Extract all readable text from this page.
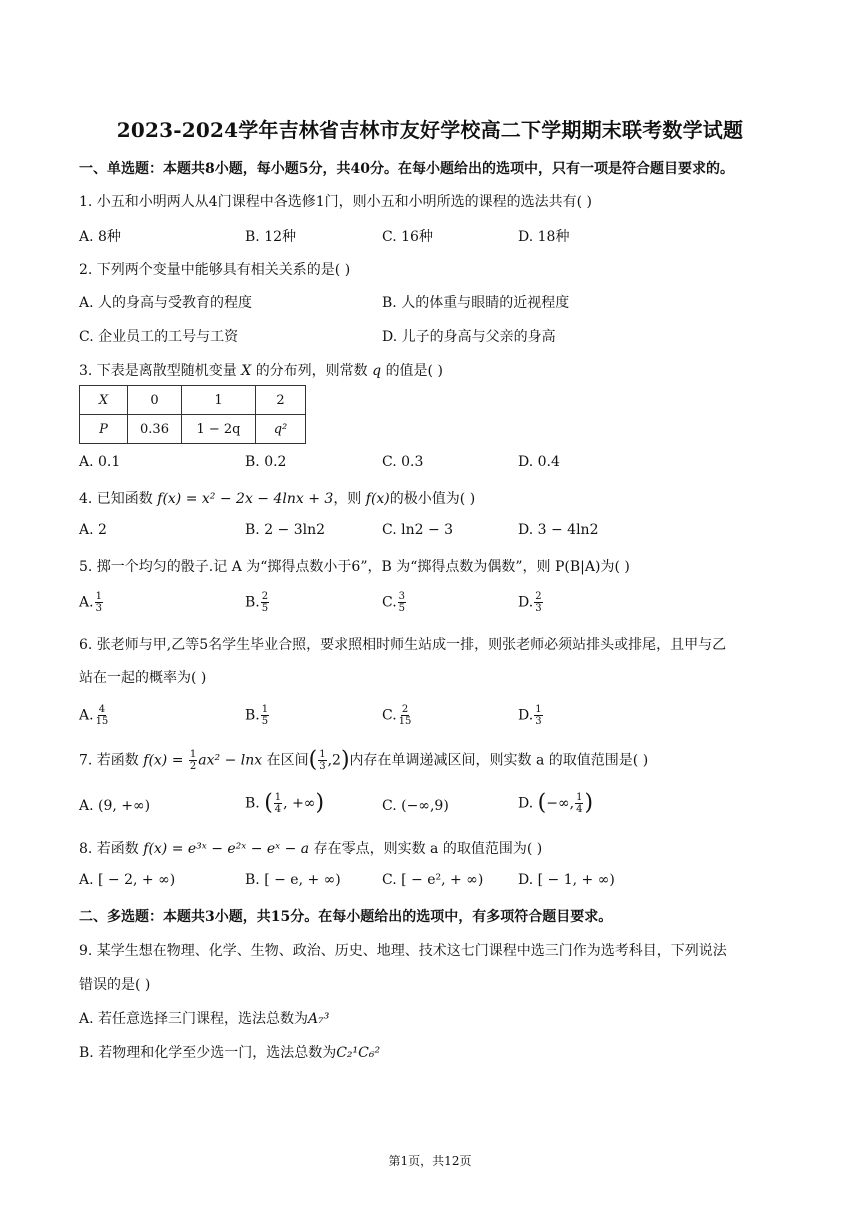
2023-2024学年吉林省吉林市友好学校高二下学期期末联考数学试题
一、单选题：本题共8小题，每小题5分，共40分。在每小题给出的选项中，只有一项是符合题目要求的。
1. 小五和小明两人从4门课程中各选修1门，则小五和小明所选的课程的选法共有( )
A. 8种	B. 12种	C. 16种	D. 18种
2. 下列两个变量中能够具有相关关系的是( )
A. 人的身高与受教育的程度	B. 人的体重与眼睛的近视程度
C. 企业员工的工号与工资	D. 儿子的身高与父亲的身高
3. 下表是离散型随机变量 X 的分布列，则常数 q 的值是( )
X	0	1	2
P	0.36	1 − 2q	q²
A. 0.1	B. 0.2	C. 0.3	D. 0.4
4. 已知函数 f(x) = x² − 2x − 4lnx + 3，则 f(x)的极小值为( )
A. 2	B. 2 − 3ln2	C. ln2 − 3	D. 3 − 4ln2
5. 掷一个均匀的骰子.记 A 为“掷得点数小于6”，B 为“掷得点数为偶数”，则 P(B|A)为( )
A. $\frac{1}{3}$	B. $\frac{2}{5}$	C. $\frac{3}{5}$	D. $\frac{2}{3}$
6. 张老师与甲,乙等5名学生毕业合照，要求照相时师生站成一排，则张老师必须站排头或排尾，且甲与乙
站在一起的概率为( )
A. $\frac{4}{15}$	B. $\frac{1}{5}$	C. $\frac{2}{15}$	D. $\frac{1}{3}$
7. 若函数 $f(x) = \frac{1}{2} ax^2 - \ln x$ 在区间( $\frac{1}{3} ,2$)内存在单调递减区间，则实数 a 的取值范围是( )
A. (9, +∞)	B. ( $\frac{1}{4}$ , +∞)	C. (−∞,9)	D. (−∞, $\frac{1}{4}$ )
8. 若函数 f(x) = e³ˣ − e²ˣ − eˣ − a 存在零点，则实数 a 的取值范围为( )
A. [ − 2, + ∞)	B. [ − e, + ∞)	C. [ − e², + ∞) D. [ − 1, + ∞)
二、多选题：本题共3小题，共15分。在每小题给出的选项中，有多项符合题目要求。
9. 某学生想在物理、化学、生物、政治、历史、地理、技术这七门课程中选三门作为选考科目，下列说法
错误的是( )
A. 若任意选择三门课程，选法总数为A₇³
B. 若物理和化学至少选一门，选法总数为C₂¹C₆²
第1页，共12页
